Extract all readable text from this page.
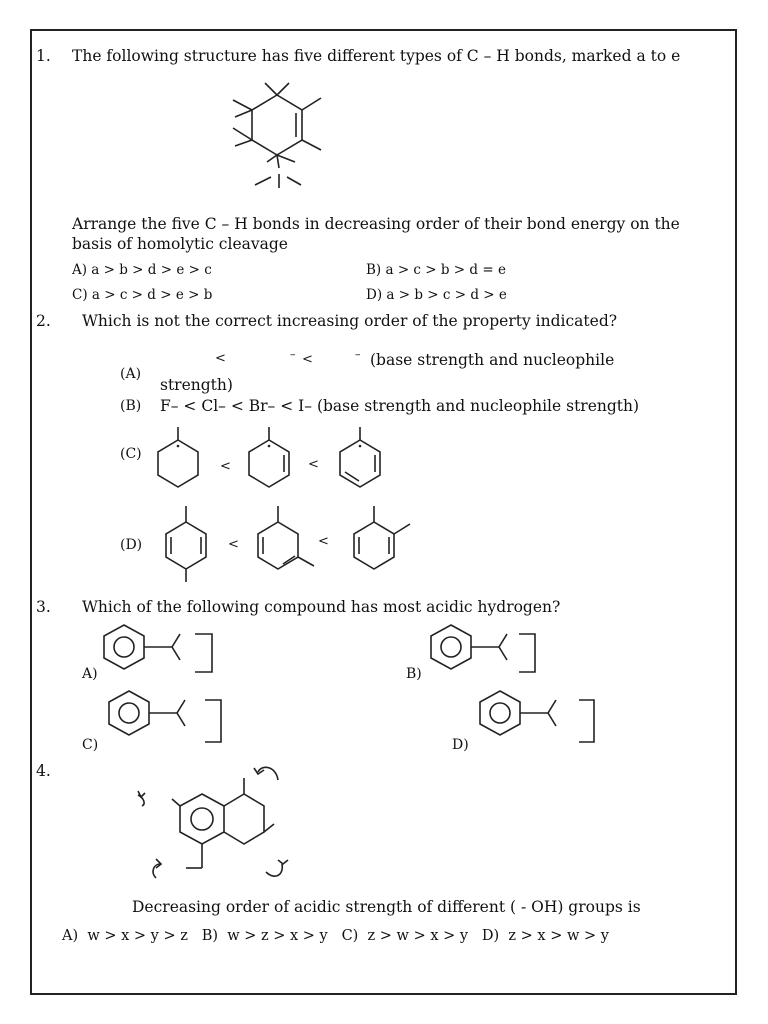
1. The following structure has five different types of C – H bonds, marked a to e
Arrange the five C – H bonds in decreasing order of their bond energy on the
basis of homolytic cleavage
A) a > b > d > e > c	B) a > c > b > d = e
C) a > c > d > e > b	D) a > b > c > d > e
2. Which is not the correct increasing order of the property indicated?
(A)
<	– <	– (base strength and nucleophile
strength)
(B) F– < Cl– < Br– < I– (base strength and nucleophile strength)
(C)
<	<
(D)	<	<
3. Which of the following compound has most acidic hydrogen?
A)	B)
C)	D)
4.
Decreasing order of acidic strength of different ( - OH) groups is
A)  w > x > y > z   B)  w > z > x > y   C)  z > w > x > y   D)  z > x > w > y
